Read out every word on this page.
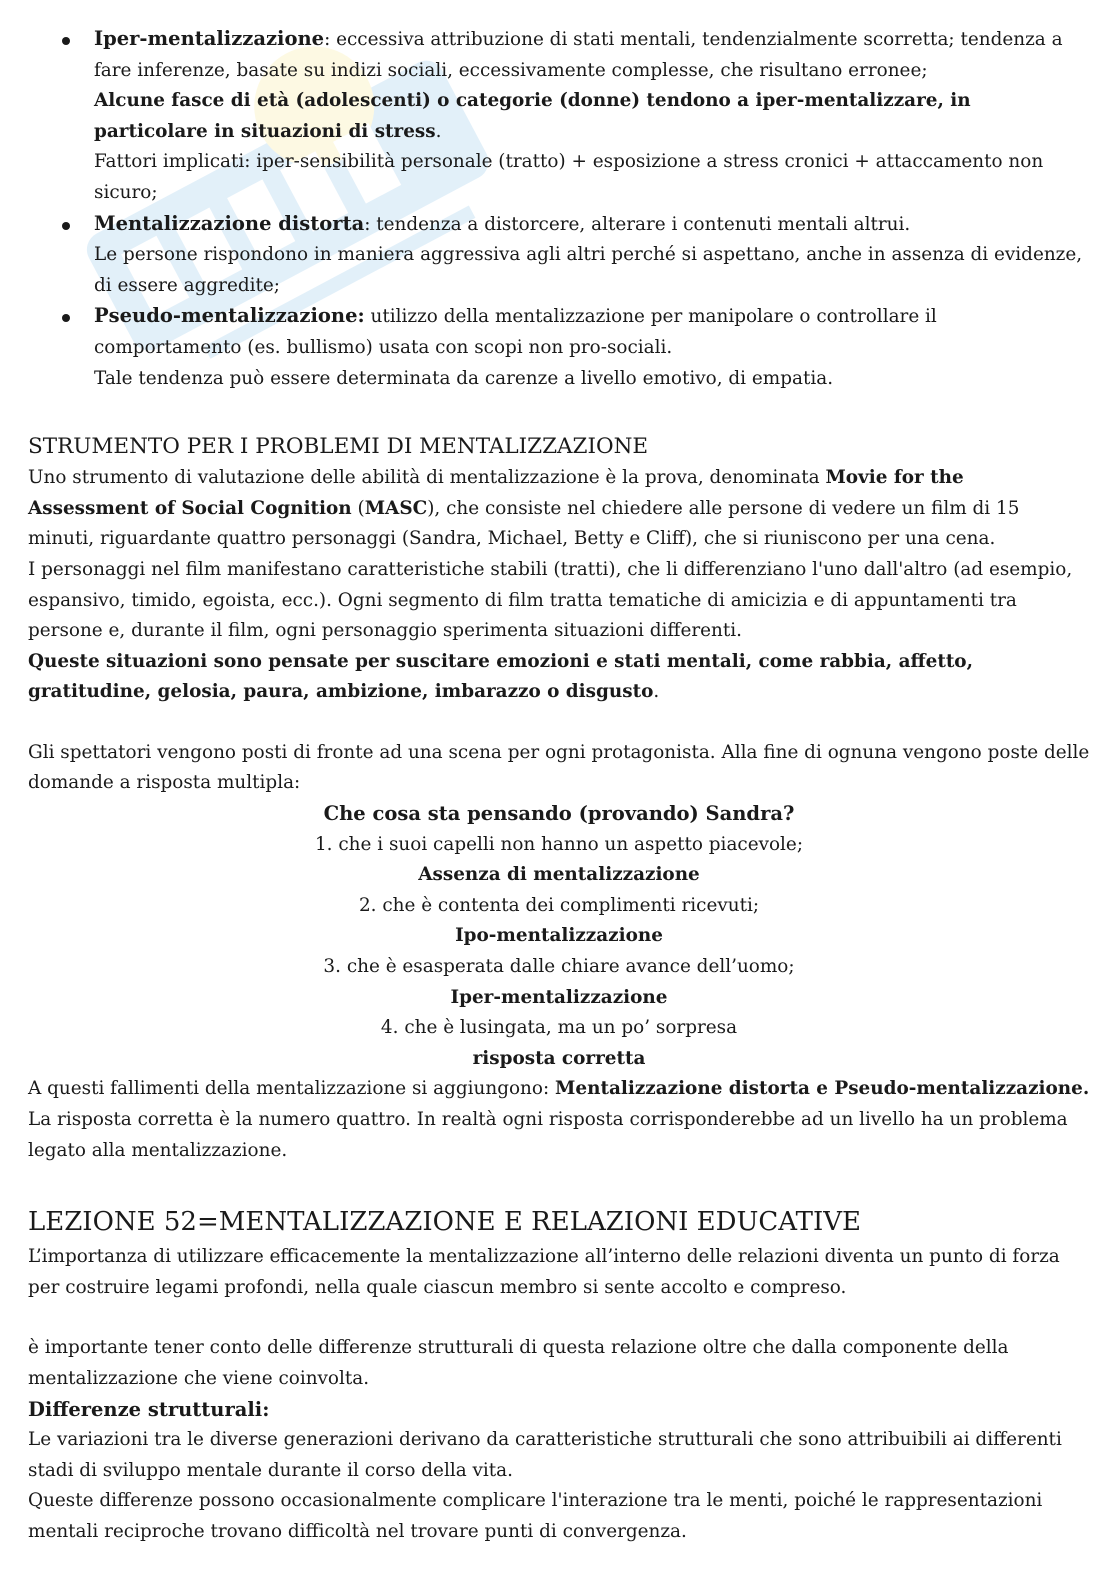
Iper-mentalizzazione: eccessiva attribuzione di stati mentali, tendenzialmente scorretta; tendenza a fare inferenze, basate su indizi sociali, eccessivamente complesse, che risultano erronee;
Alcune fasce di età (adolescenti) o categorie (donne) tendono a iper-mentalizzare, in particolare in situazioni di stress.
Fattori implicati: iper-sensibilità personale (tratto) + esposizione a stress cronici + attaccamento non sicuro;
Mentalizzazione distorta: tendenza a distorcere, alterare i contenuti mentali altrui.
Le persone rispondono in maniera aggressiva agli altri perché si aspettano, anche in assenza di evidenze, di essere aggredite;
Pseudo-mentalizzazione: utilizzo della mentalizzazione per manipolare o controllare il comportamento (es. bullismo) usata con scopi non pro-sociali.
Tale tendenza può essere determinata da carenze a livello emotivo, di empatia.
STRUMENTO PER I PROBLEMI DI MENTALIZZAZIONE

Uno strumento di valutazione delle abilità di mentalizzazione è la prova, denominata Movie for the Assessment of Social Cognition (MASC), che consiste nel chiedere alle persone di vedere un film di 15 minuti, riguardante quattro personaggi (Sandra, Michael, Betty e Cliff), che si riuniscono per una cena.

I personaggi nel film manifestano caratteristiche stabili (tratti), che li differenziano l'uno dall'altro (ad esempio, espansivo, timido, egoista, ecc.). Ogni segmento di film tratta tematiche di amicizia e di appuntamenti tra persone e, durante il film, ogni personaggio sperimenta situazioni differenti.

Queste situazioni sono pensate per suscitare emozioni e stati mentali, come rabbia, affetto, gratitudine, gelosia, paura, ambizione, imbarazzo o disgusto.

Gli spettatori vengono posti di fronte ad una scena per ogni protagonista. Alla fine di ognuna vengono poste delle domande a risposta multipla:

Che cosa sta pensando (provando) Sandra?
1. che i suoi capelli non hanno un aspetto piacevole;
Assenza di mentalizzazione
2. che è contenta dei complimenti ricevuti;
Ipo-mentalizzazione
3. che è esasperata dalle chiare avance dell’uomo;
Iper-mentalizzazione
4. che è lusingata, ma un po’ sorpresa
risposta corretta

A questi fallimenti della mentalizzazione si aggiungono: Mentalizzazione distorta e Pseudo-mentalizzazione.

La risposta corretta è la numero quattro. In realtà ogni risposta corrisponderebbe ad un livello ha un problema legato alla mentalizzazione.

LEZIONE 52=MENTALIZZAZIONE E RELAZIONI EDUCATIVE

L’importanza di utilizzare efficacemente la mentalizzazione all’interno delle relazioni diventa un punto di forza per costruire legami profondi, nella quale ciascun membro si sente accolto e compreso.

è importante tener conto delle differenze strutturali di questa relazione oltre che dalla componente della mentalizzazione che viene coinvolta.

Differenze strutturali:

Le variazioni tra le diverse generazioni derivano da caratteristiche strutturali che sono attribuibili ai differenti stadi di sviluppo mentale durante il corso della vita.

Queste differenze possono occasionalmente complicare l'interazione tra le menti, poiché le rappresentazioni mentali reciproche trovano difficoltà nel trovare punti di convergenza.
